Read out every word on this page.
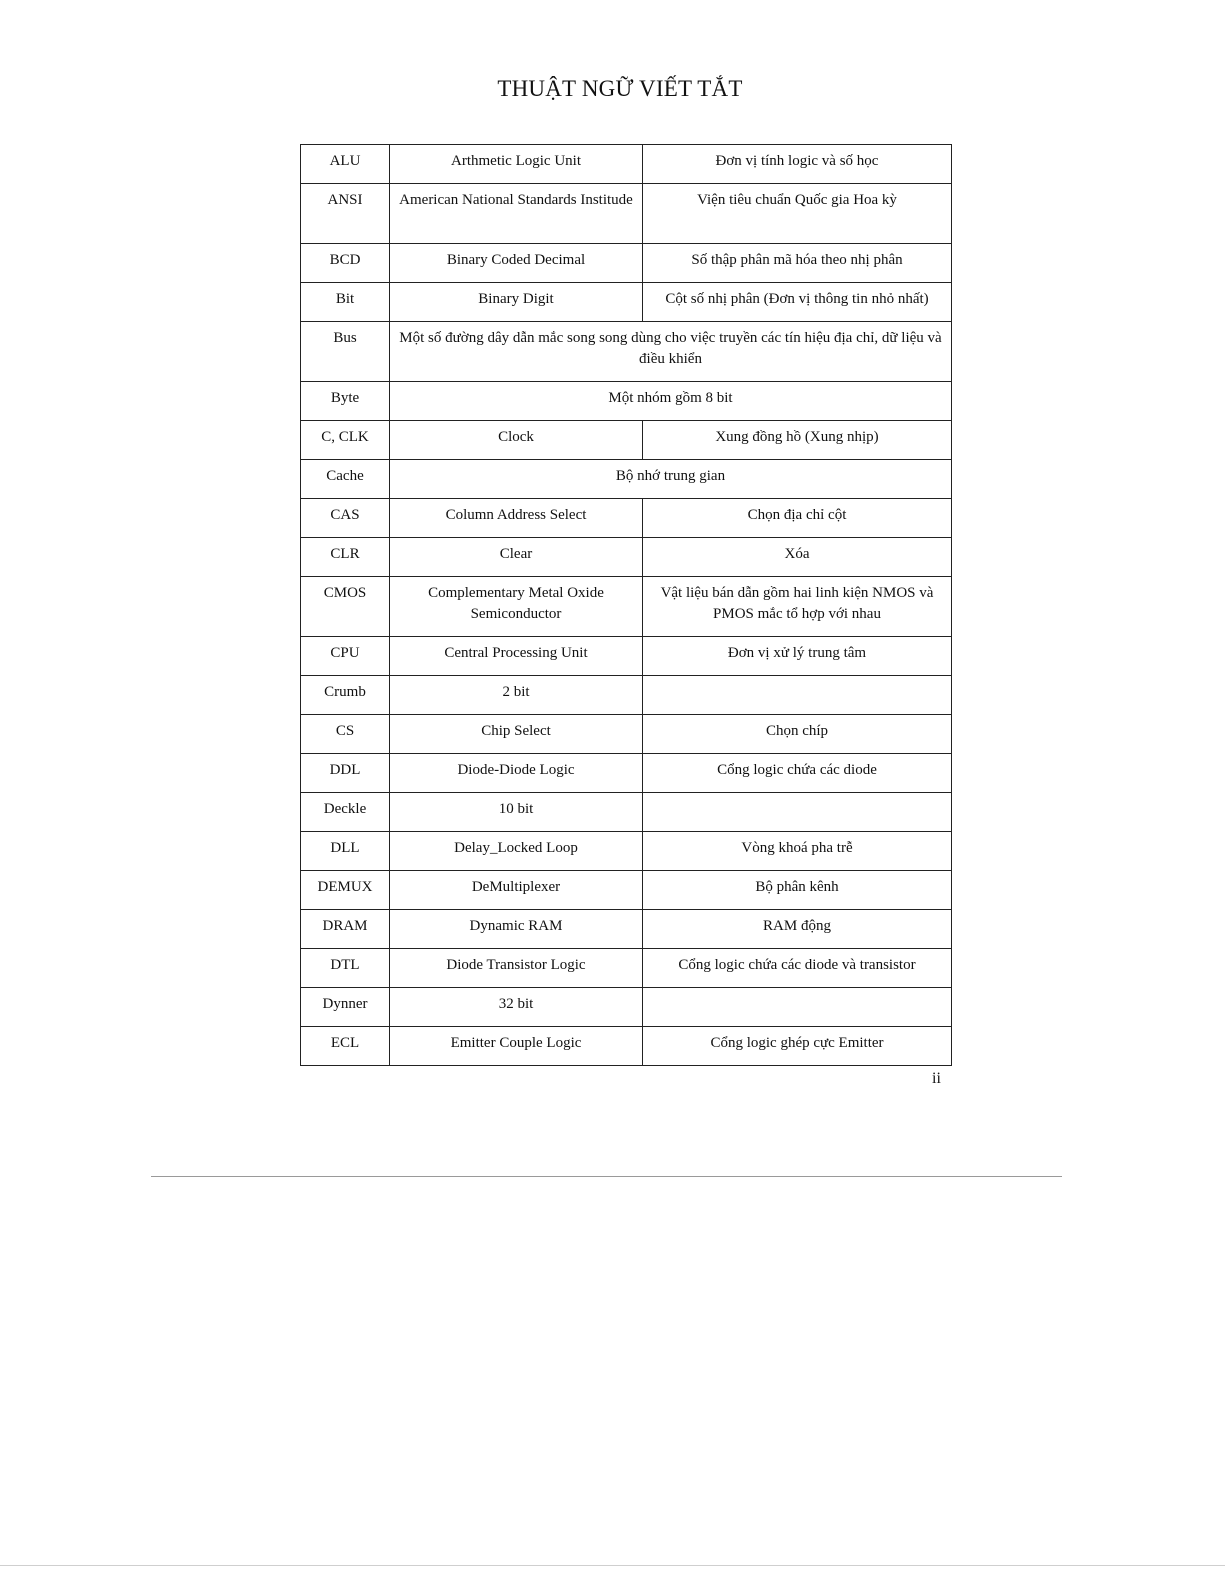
THUẬT NGỮ VIẾT TẮT
ALU	Arthmetic Logic Unit	Đơn vị tính logic và số học
ANSI	American National Standards Institude	Viện tiêu chuẩn Quốc gia Hoa kỳ
BCD	Binary Coded Decimal	Số thập phân mã hóa theo nhị phân
Bit	Binary Digit	Cột số nhị phân (Đơn vị thông tin nhỏ nhất)
Bus	Một số đường dây dẫn mắc song song dùng cho việc truyền các tín hiệu địa chỉ, dữ liệu và điều khiển	
Byte	Một nhóm gồm 8 bit	
C, CLK	Clock	Xung đồng hồ (Xung nhịp)
Cache	Bộ nhớ trung gian	
CAS	Column Address Select	Chọn địa chỉ cột
CLR	Clear	Xóa
CMOS	Complementary Metal Oxide Semiconductor	Vật liệu bán dẫn gồm hai linh kiện NMOS và PMOS mắc tổ hợp với nhau
CPU	Central Processing Unit	Đơn vị xử lý trung tâm
Crumb	2 bit	
CS	Chip Select	Chọn chíp
DDL	Diode-Diode Logic	Cổng logic chứa các diode
Deckle	10 bit	
DLL	Delay_Locked Loop	Vòng khoá pha trễ
DEMUX	DeMultiplexer	Bộ phân kênh
DRAM	Dynamic RAM	RAM động
DTL	Diode Transistor Logic	Cổng logic chứa các diode và transistor
Dynner	32 bit	
ECL	Emitter Couple Logic	Cổng logic ghép cực Emitter
ii
